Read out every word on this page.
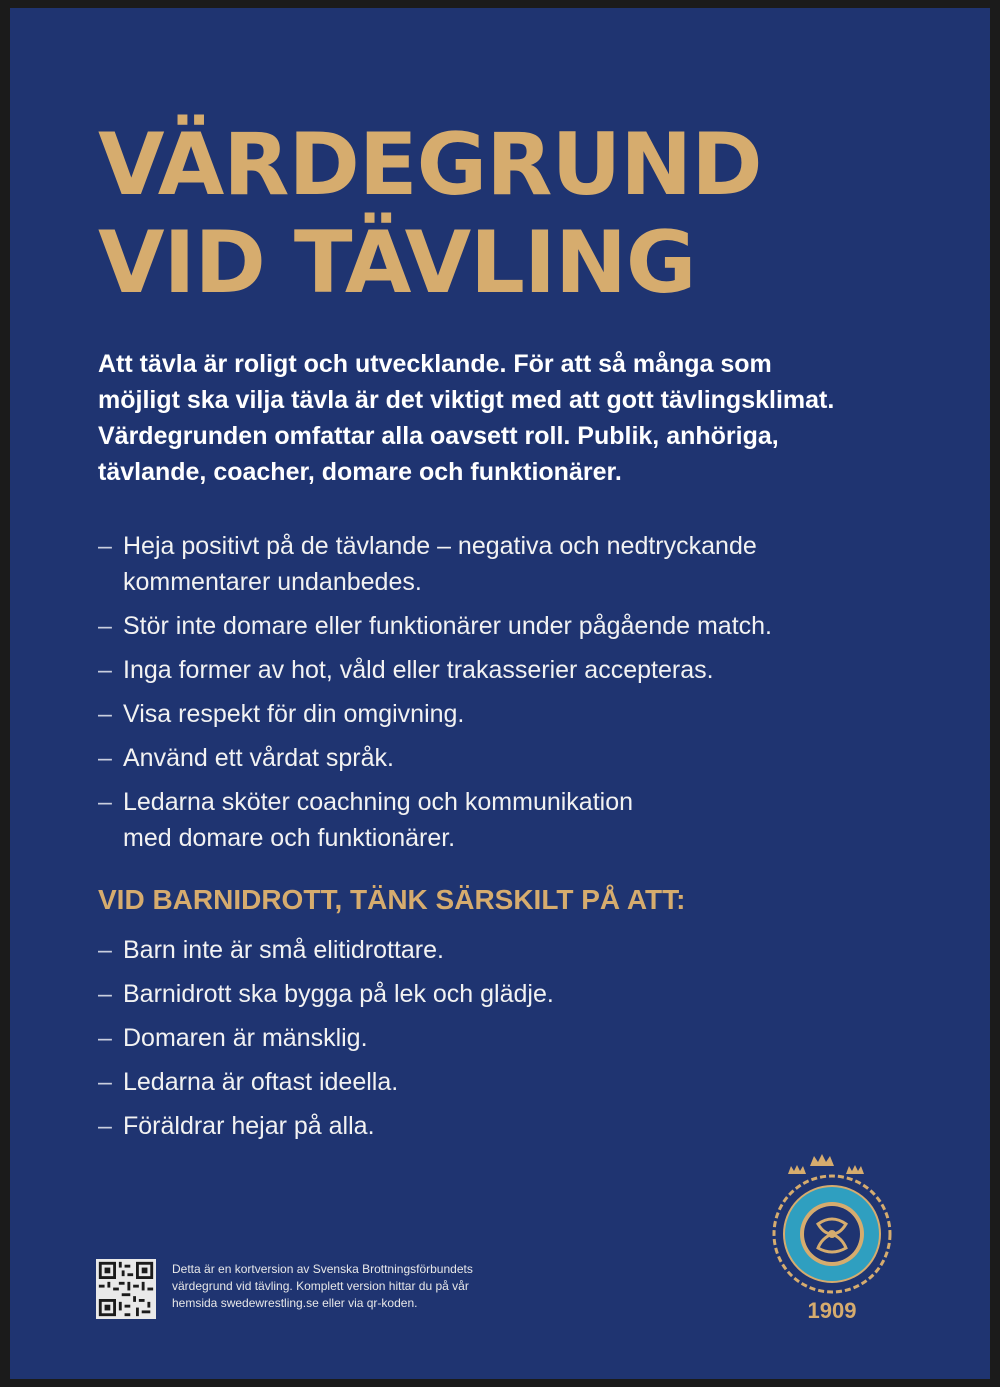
VÄRDEGRUND
VID TÄVLING

Att tävla är roligt och utvecklande. För att så många som
möjligt ska vilja tävla är det viktigt med att gott tävlingsklimat.
Värdegrunden omfattar alla oavsett roll. Publik, anhöriga,
tävlande, coacher, domare och funktionärer.

– Heja positivt på de tävlande – negativa och nedtryckande
kommentarer undanbedes.
– Stör inte domare eller funktionärer under pågående match.
– Inga former av hot, våld eller trakasserier accepteras.
– Visa respekt för din omgivning.
– Använd ett vårdat språk.
– Ledarna sköter coachning och kommunikation
med domare och funktionärer.
VID BARNIDROTT, TÄNK SÄRSKILT PÅ ATT:
– Barn inte är små elitidrottare.
– Barnidrott ska bygga på lek och glädje.
– Domaren är mänsklig.
– Ledarna är oftast ideella.
– Föräldrar hejar på alla.
Detta är en kortversion av Svenska Brottningsförbundets
värdegrund vid tävling. Komplett version hittar du på vår
hemsida swedewrestling.se eller via qr-koden.	1909
